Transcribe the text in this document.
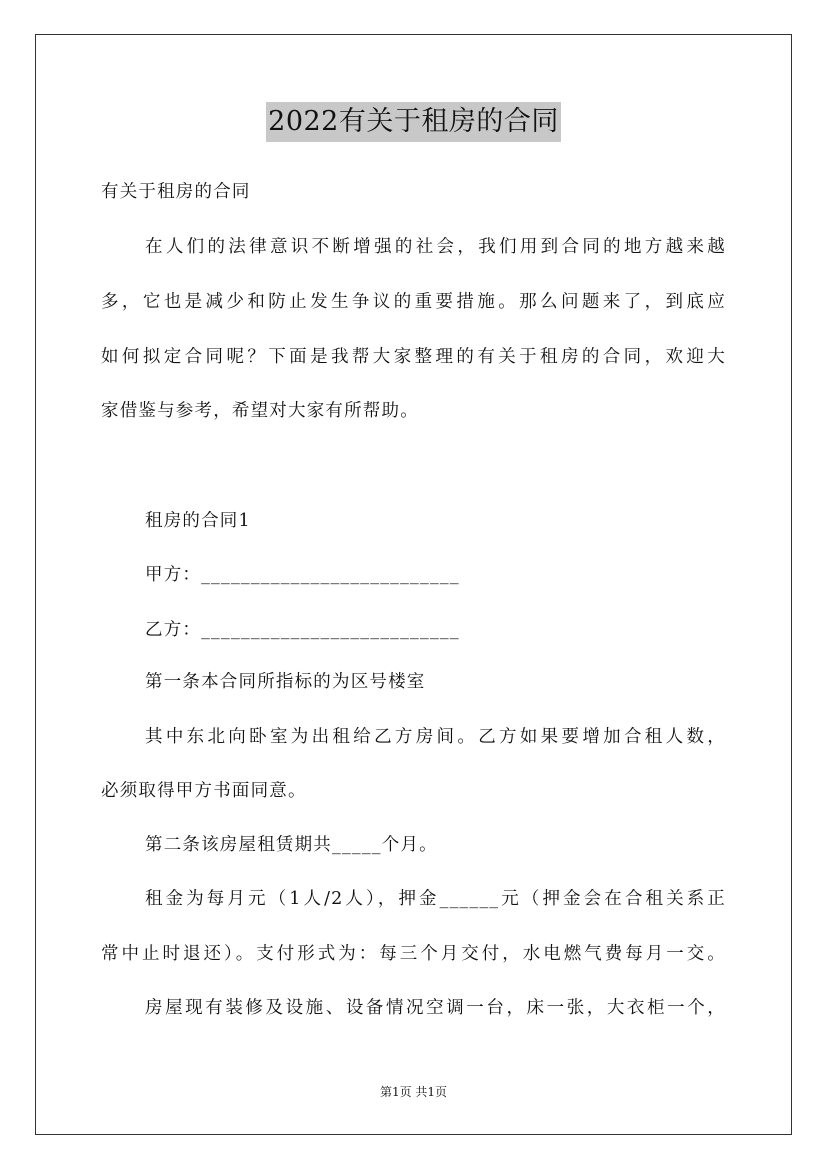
2022有关于租房的合同
有关于租房的合同
在人们的法律意识不断增强的社会，我们用到合同的地方越来越
多，它也是减少和防止发生争议的重要措施。那么问题来了，到底应
如何拟定合同呢？下面是我帮大家整理的有关于租房的合同，欢迎大
家借鉴与参考，希望对大家有所帮助。
租房的合同1
甲方：__________________________
乙方：__________________________
第一条本合同所指标的为区号楼室
其中东北向卧室为出租给乙方房间。乙方如果要增加合租人数，
必须取得甲方书面同意。
第二条该房屋租赁期共_____个月。
租金为每月元（1人/2人），押金______元（押金会在合租关系正
常中止时退还）。支付形式为：每三个月交付，水电燃气费每月一交。
房屋现有装修及设施、设备情况空调一台，床一张，大衣柜一个，
第1页 共1页
